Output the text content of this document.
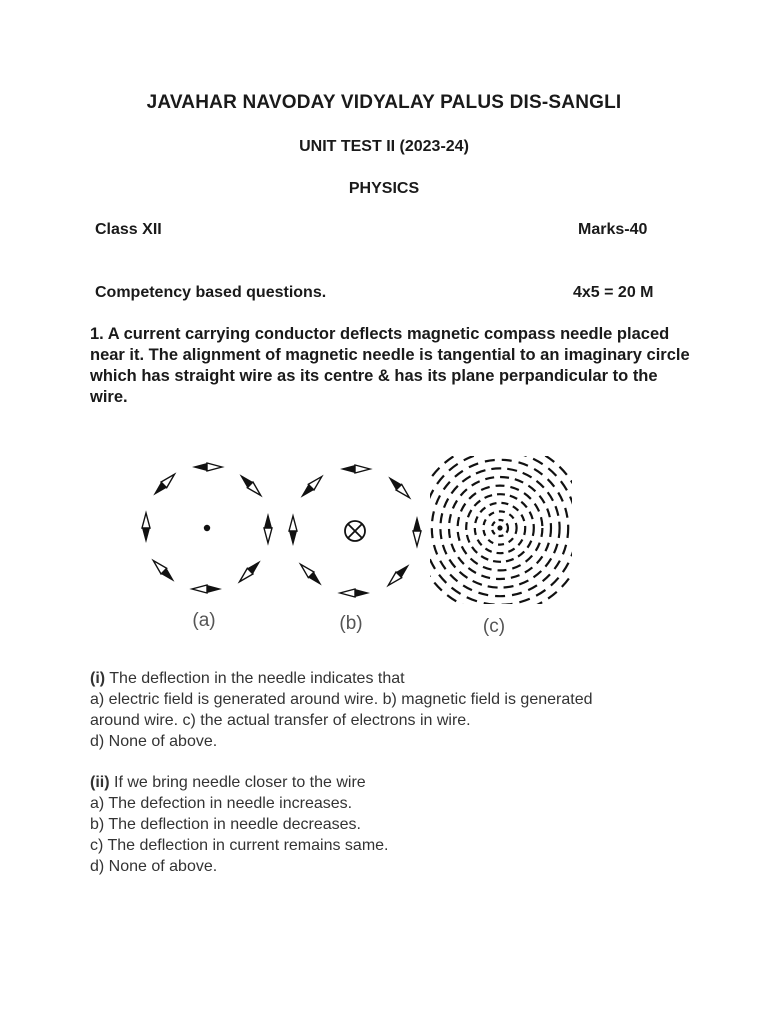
JAVAHAR NAVODAY VIDYALAY PALUS DIS-SANGLI
UNIT TEST II (2023-24)
PHYSICS
Class XII	Marks-40
Competency based questions.	4x5 = 20 M
1. A current carrying conductor deflects magnetic compass needle placed near it. The alignment of magnetic needle is tangential to an imaginary circle which has straight wire as its centre & has its plane perpandicular to the wire.
(a)	(b)	(c)
(i) The deflection in the needle indicates that
a) electric field is generated around wire. b) magnetic field is generated
around wire. c) the actual transfer of electrons in wire.
d) None of above.
(ii) If we bring needle closer to the wire
a) The defection in needle increases.
b) The deflection in needle decreases.
c) The deflection in current remains same.
d) None of above.
